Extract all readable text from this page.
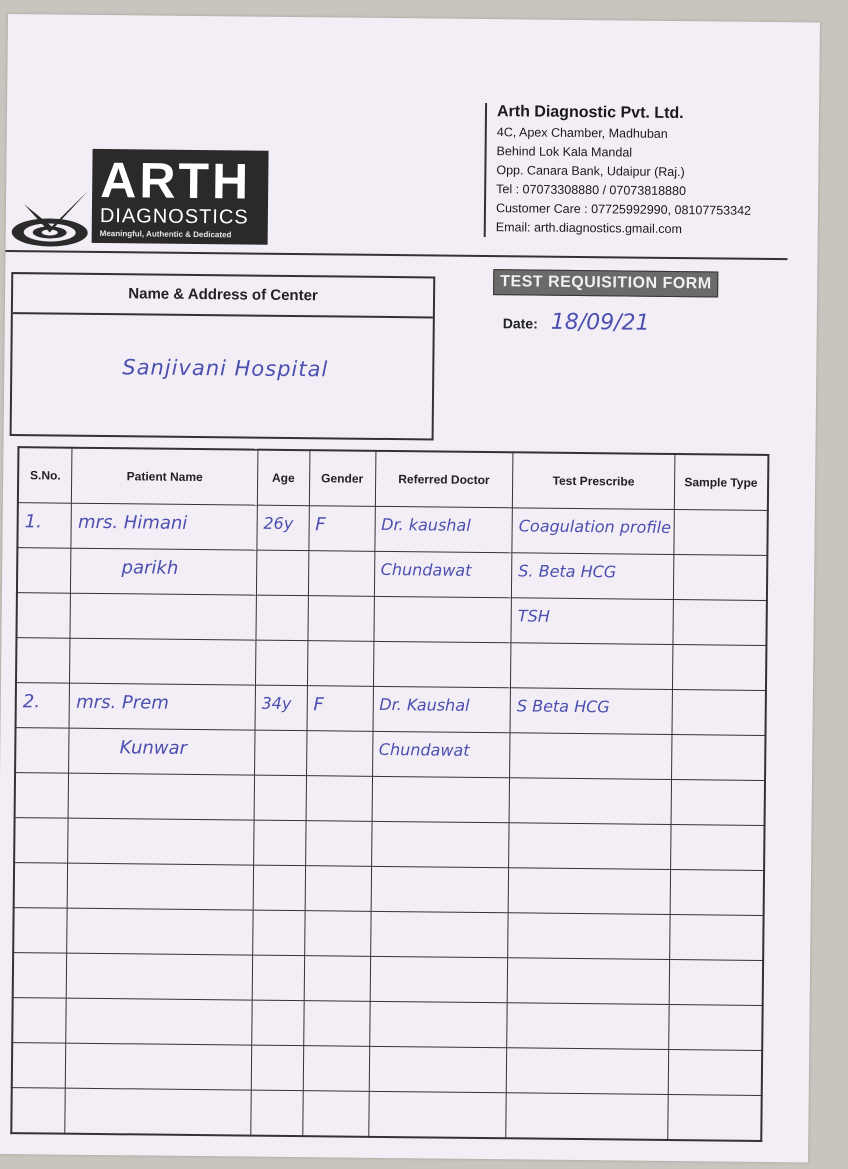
ARTH
DIAGNOSTICS
Meaningful, Authentic & Dedicated
Arth Diagnostic Pvt. Ltd.
4C, Apex Chamber, Madhuban
Behind Lok Kala Mandal
Opp. Canara Bank, Udaipur (Raj.)
Tel : 07073308880 / 07073818880
Customer Care : 07725992990, 08107753342
Email: arth.diagnostics.gmail.com
Name & Address of Center
Sanjivani Hospital
TEST REQUISITION FORM
Date: 18/09/21
S.No.	Patient Name	Age	Gender	Referred Doctor	Test Prescribe	Sample Type

1.	mrs. Himani	26y	F	Dr. kaushal	Coagulation profile	

	parikh			Chundawat	S. Beta HCG	

					TSH	

2.	mrs. Prem	34y	F	Dr. Kaushal	S Beta HCG	

	Kunwar			Chundawat		
